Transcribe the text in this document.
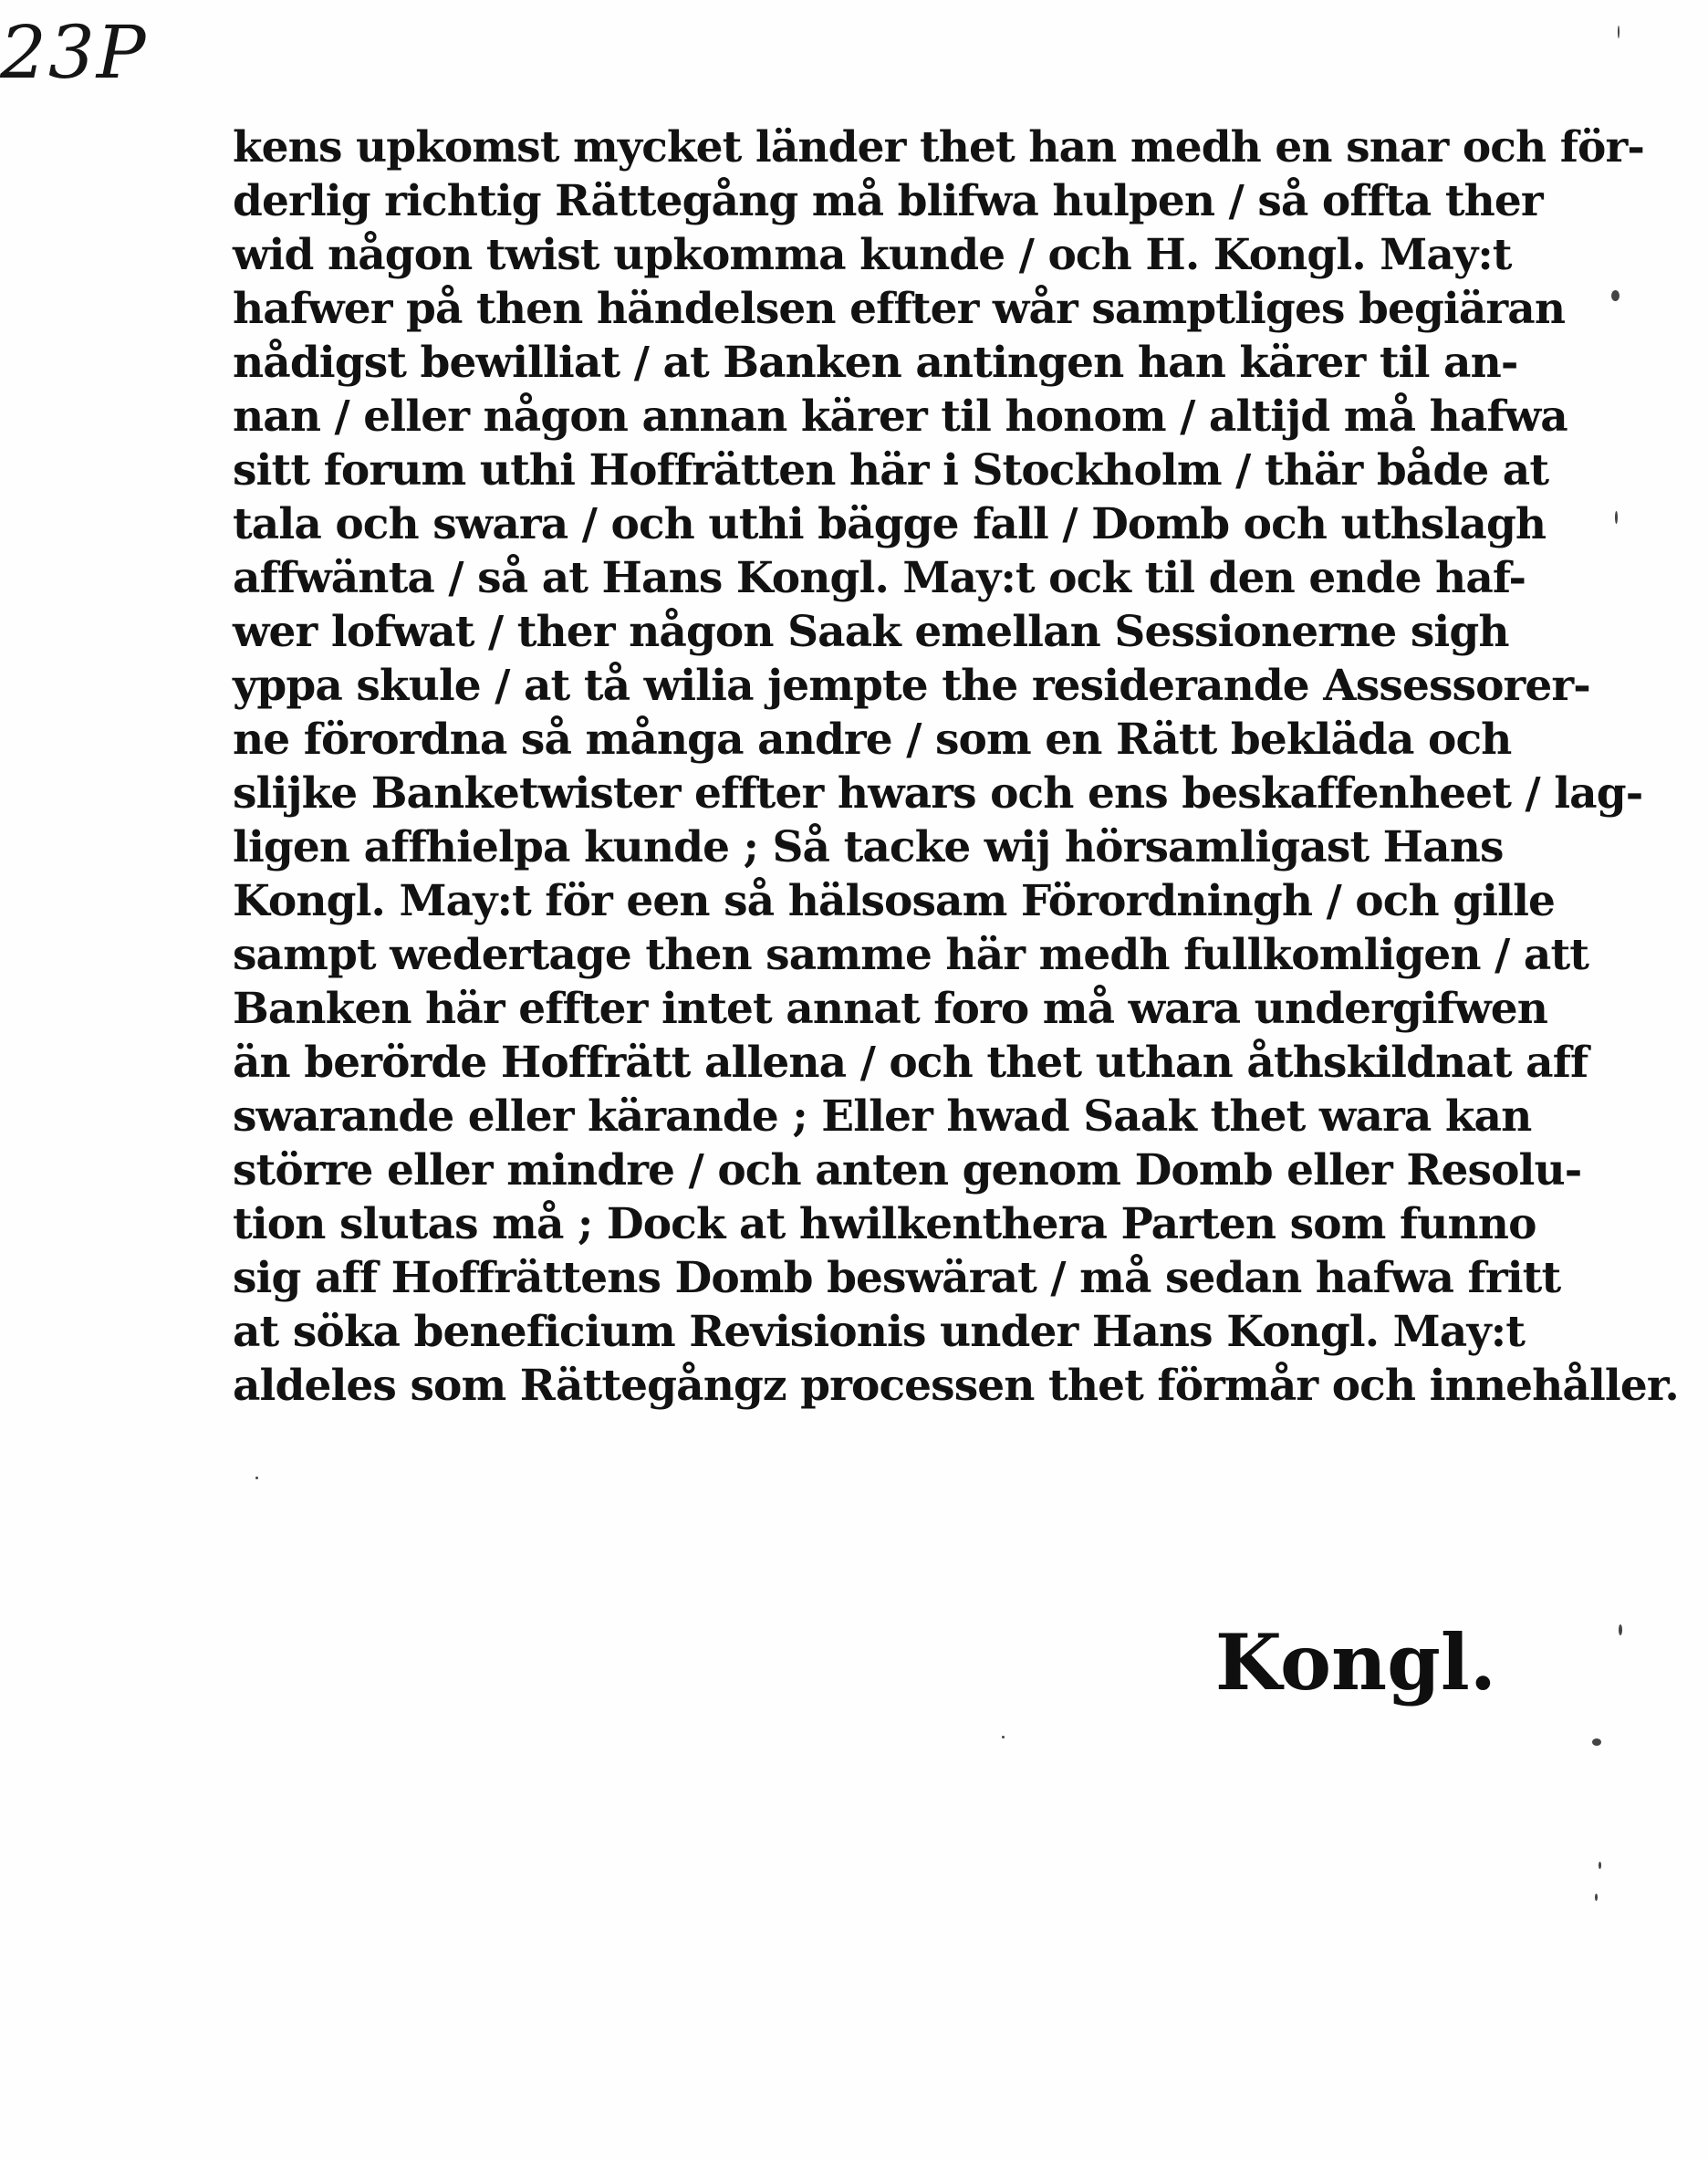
23P
kens upkomst mycket länder thet han medh en snar och för-
derlig richtig Rättegång må blifwa hulpen / så offta ther
wid någon twist upkomma kunde / och H. Kongl. May:t
hafwer på then händelsen effter wår samptliges begiäran
nådigst bewilliat / at Banken antingen han kärer til an-
nan / eller någon annan kärer til honom / altijd må hafwa
sitt forum uthi Hoffrätten här i Stockholm / thär både at
tala och swara / och uthi bägge fall / Domb och uthslagh
affwänta / så at Hans Kongl. May:t ock til den ende haf-
wer lofwat / ther någon Saak emellan Sessionerne sigh
yppa skule / at tå wilia jempte the residerande Assessorer-
ne förordna så många andre / som en Rätt bekläda och
slijke Banketwister effter hwars och ens beskaffenheet / lag-
ligen affhielpa kunde ; Så tacke wij hörsamligast Hans
Kongl. May:t för een så hälsosam Förordningh / och gille
sampt wedertage then samme här medh fullkomligen / att
Banken här effter intet annat foro må wara undergifwen
än berörde Hoffrätt allena / och thet uthan åthskildnat aff
swarande eller kärande ; Eller hwad Saak thet wara kan
större eller mindre / och anten genom Domb eller Resolu-
tion slutas må ; Dock at hwilkenthera Parten som funno
sig aff Hoffrättens Domb beswärat / må sedan hafwa fritt
at söka beneficium Revisionis under Hans Kongl. May:t
aldeles som Rättegångz processen thet förmår och innehåller.
Kongl.
